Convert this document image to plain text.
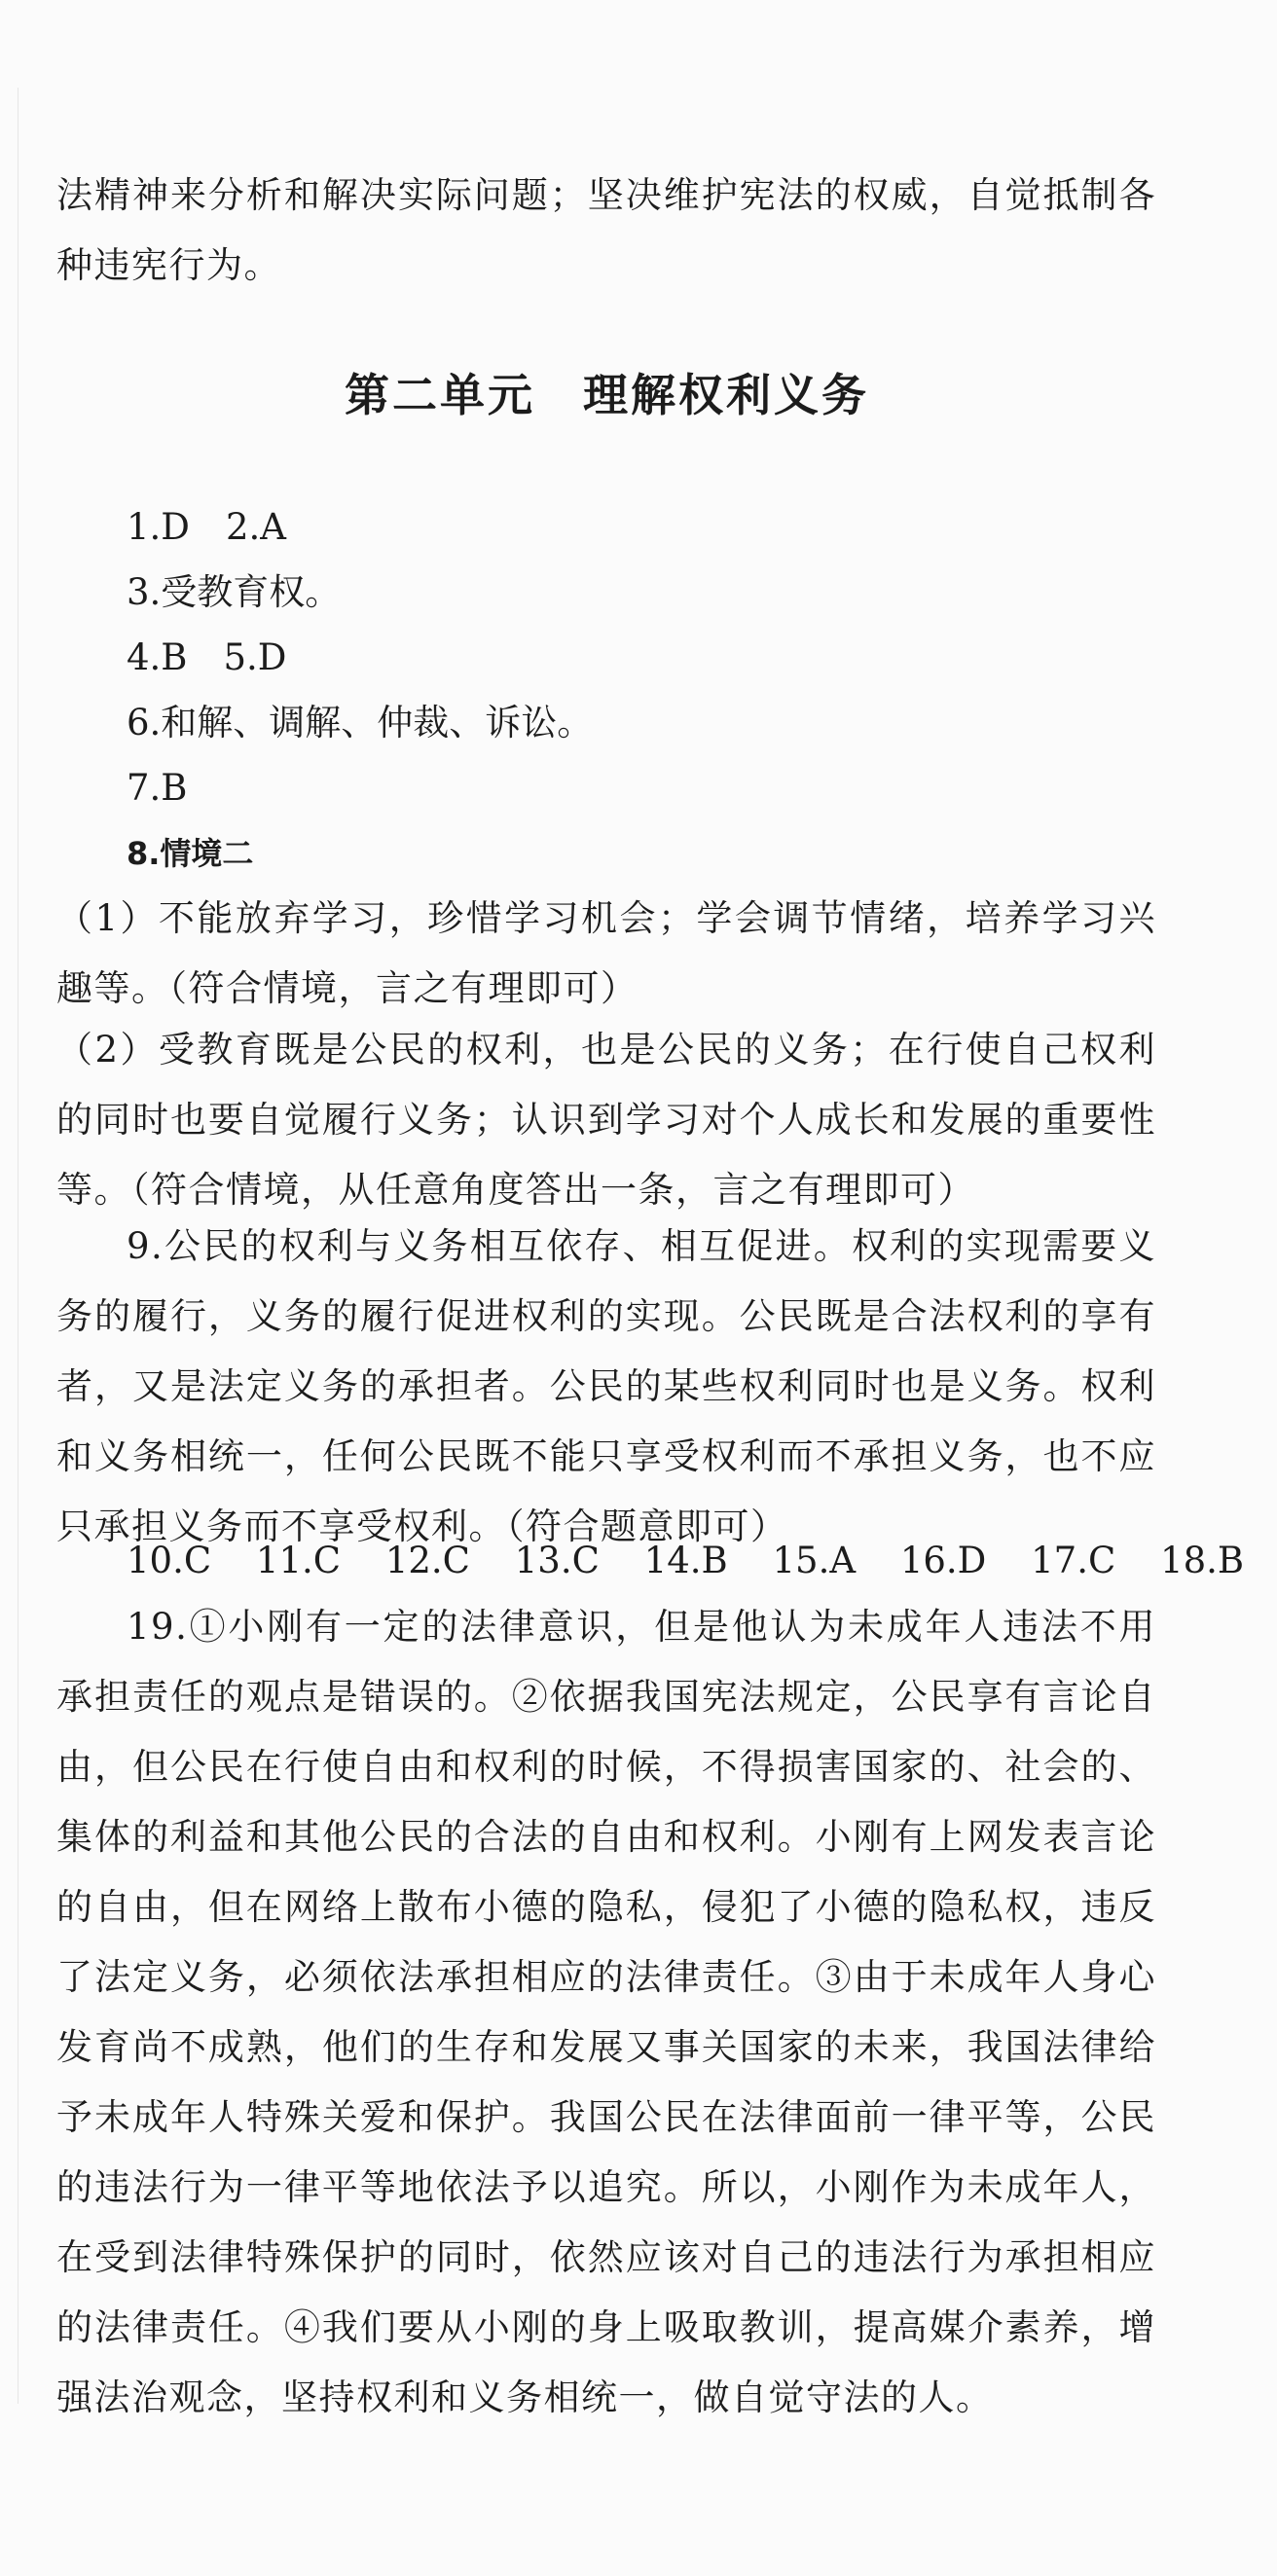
法精神来分析和解决实际问题；坚决维护宪法的权威，自觉抵制各种违宪行为。

第二单元　理解权利义务

1.D　2.A

3.受教育权。

4.B　5.D

6.和解、调解、仲裁、诉讼。

7.B

8.情境二

（1）不能放弃学习，珍惜学习机会；学会调节情绪，培养学习兴趣等。（符合情境，言之有理即可）

（2）受教育既是公民的权利，也是公民的义务；在行使自己权利的同时也要自觉履行义务；认识到学习对个人成长和发展的重要性等。（符合情境，从任意角度答出一条，言之有理即可）

9.公民的权利与义务相互依存、相互促进。权利的实现需要义务的履行，义务的履行促进权利的实现。公民既是合法权利的享有者，又是法定义务的承担者。公民的某些权利同时也是义务。权利和义务相统一，任何公民既不能只享受权利而不承担义务，也不应只承担义务而不享受权利。（符合题意即可）

10.C 11.C 12.C 13.C 14.B 15.A 16.D 17.C 18.B

19.①小刚有一定的法律意识，但是他认为未成年人违法不用承担责任的观点是错误的。②依据我国宪法规定，公民享有言论自由，但公民在行使自由和权利的时候，不得损害国家的、社会的、集体的利益和其他公民的合法的自由和权利。小刚有上网发表言论的自由，但在网络上散布小德的隐私，侵犯了小德的隐私权，违反了法定义务，必须依法承担相应的法律责任。③由于未成年人身心发育尚不成熟，他们的生存和发展又事关国家的未来，我国法律给予未成年人特殊关爱和保护。我国公民在法律面前一律平等，公民的违法行为一律平等地依法予以追究。所以，小刚作为未成年人，在受到法律特殊保护的同时，依然应该对自己的违法行为承担相应的法律责任。④我们要从小刚的身上吸取教训，提高媒介素养，增强法治观念，坚持权利和义务相统一，做自觉守法的人。
